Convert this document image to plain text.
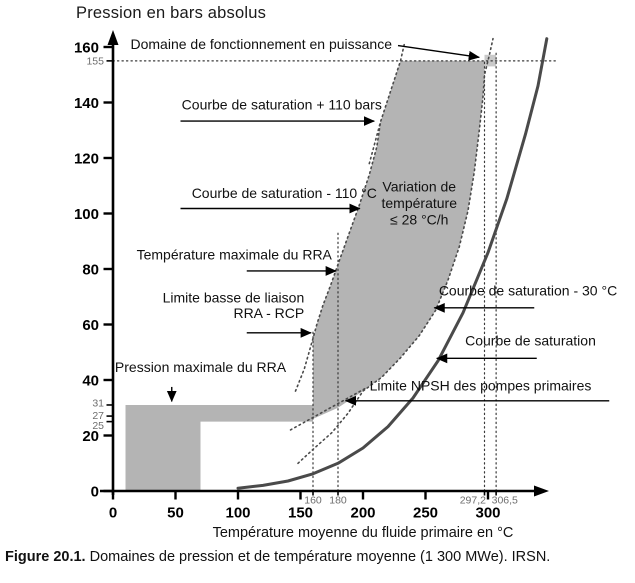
0
20
40
60
80
100
120
140
160
155
31
27
25
0	50	100 150 200 250 300
160 180	297,2 306,5
Température moyenne du fluide primaire en °C
Domaine de fonctionnement en puissance
Courbe de saturation + 110 bars
Courbe de saturation - 110 °C
Température maximale du RRA
Limite basse de liaison
RRA - RCP
Pression maximale du RRA
Courbe de saturation - 30 °C
Courbe de saturation
Limite NPSH des pompes primaires
Variation de
température
≤ 28 °C/h
Pression en bars absolus
Figure 20.1. Domaines de pression et de température moyenne (1 300 MWe). IRSN.
